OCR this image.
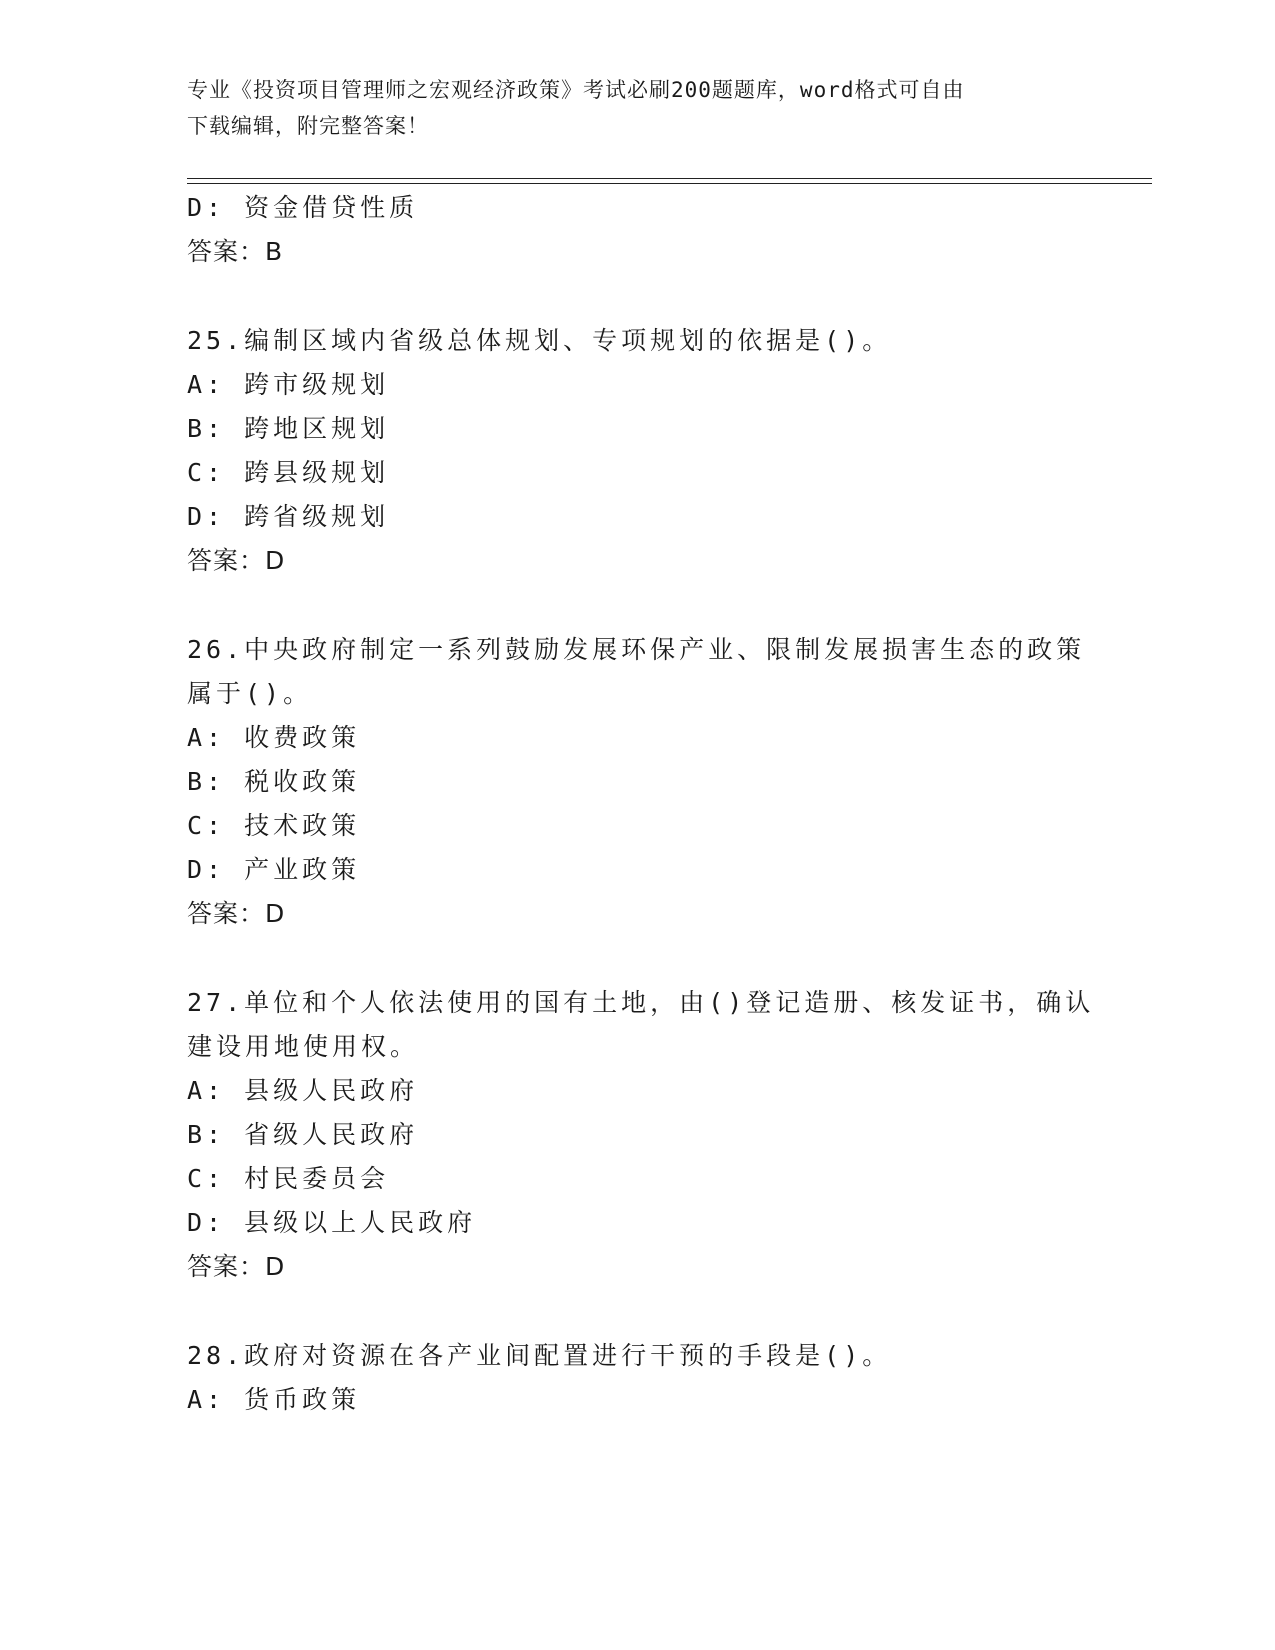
专业《投资项目管理师之宏观经济政策》考试必刷200题题库，word格式可自由
下载编辑，附完整答案！
D: 资金借贷性质
答案：B
25.编制区域内省级总体规划、专项规划的依据是()。
A: 跨市级规划
B: 跨地区规划
C: 跨县级规划
D: 跨省级规划
答案：D
26.中央政府制定一系列鼓励发展环保产业、限制发展损害生态的政策
属于()。
A: 收费政策
B: 税收政策
C: 技术政策
D: 产业政策
答案：D
27.单位和个人依法使用的国有土地，由()登记造册、核发证书，确认
建设用地使用权。
A: 县级人民政府
B: 省级人民政府
C: 村民委员会
D: 县级以上人民政府
答案：D
28.政府对资源在各产业间配置进行干预的手段是()。
A: 货币政策
